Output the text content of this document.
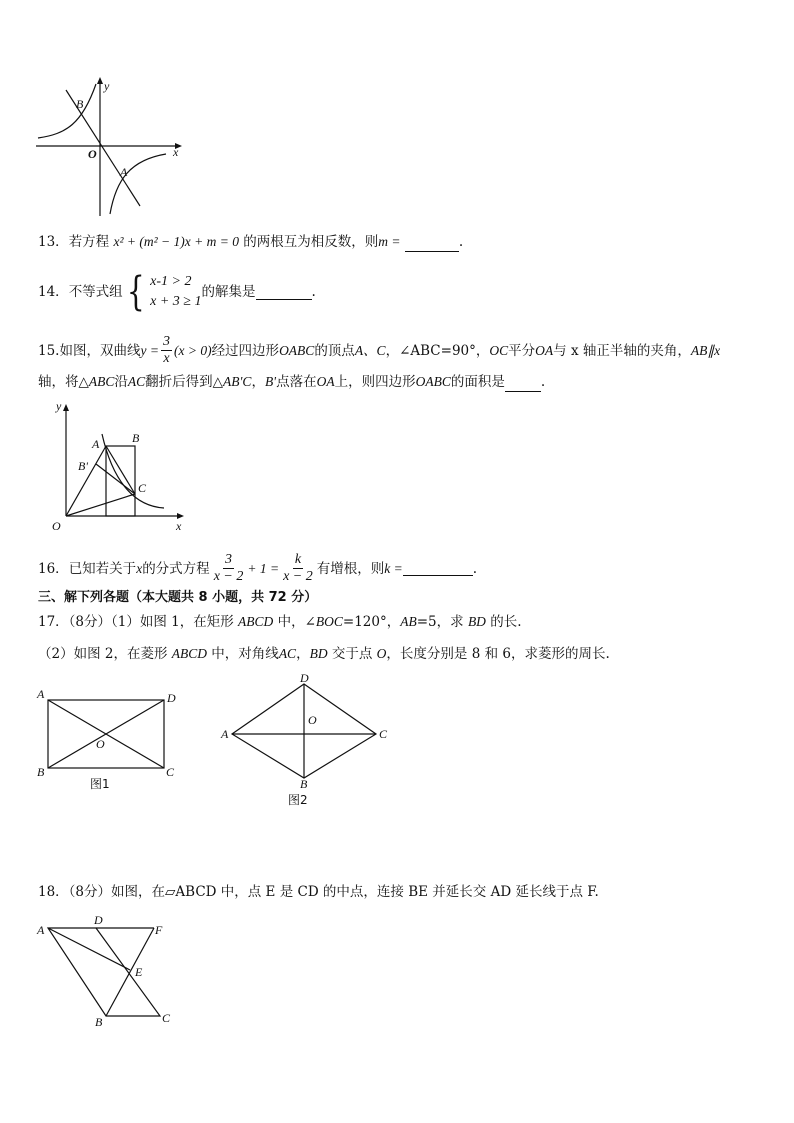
y
x
O
A
B
13．若方程 x² + (m² − 1)x + m = 0 的两根互为相反数，则m =	.
14． 不等式组 { x-1 > 2
x + 3 ≥ 1
的解集是	.
15. 如图，双曲线 $y = \frac{3}{x} (x > 0)$ 经过四边形 OABC 的顶点 A、C ，∠ABC=90°， OC 平分 OA 与 x 轴正半轴的夹角， AB∥x
轴，将△ABC沿AC翻折后得到△AB'C，B'点落在OA上，则四边形OABC的面积是	.
y
x
O
A	B
B'
C
16． 已知若关于 x 的分式方程 $\frac{3}{x - 2} + 1 = \frac{k}{x - 2}$ 有增根，则 k =	.
三、解下列各题（本大题共 8 小题，共 72 分）
17．（8分）（1）如图 1，在矩形 ABCD 中，∠BOC=120°，AB=5，求 BD 的长.
（2）如图 2，在菱形 ABCD 中，对角线AC，BD 交于点 O，长度分别是 8 和 6，求菱形的周长.
A
B	C
D
O
图1
D
A	C
B
O
图2
18．（8分）如图，在▱ABCD 中，点 E 是 CD 的中点，连接 BE 并延长交 AD 延长线于点 F.
A
D
F
E
B	C
